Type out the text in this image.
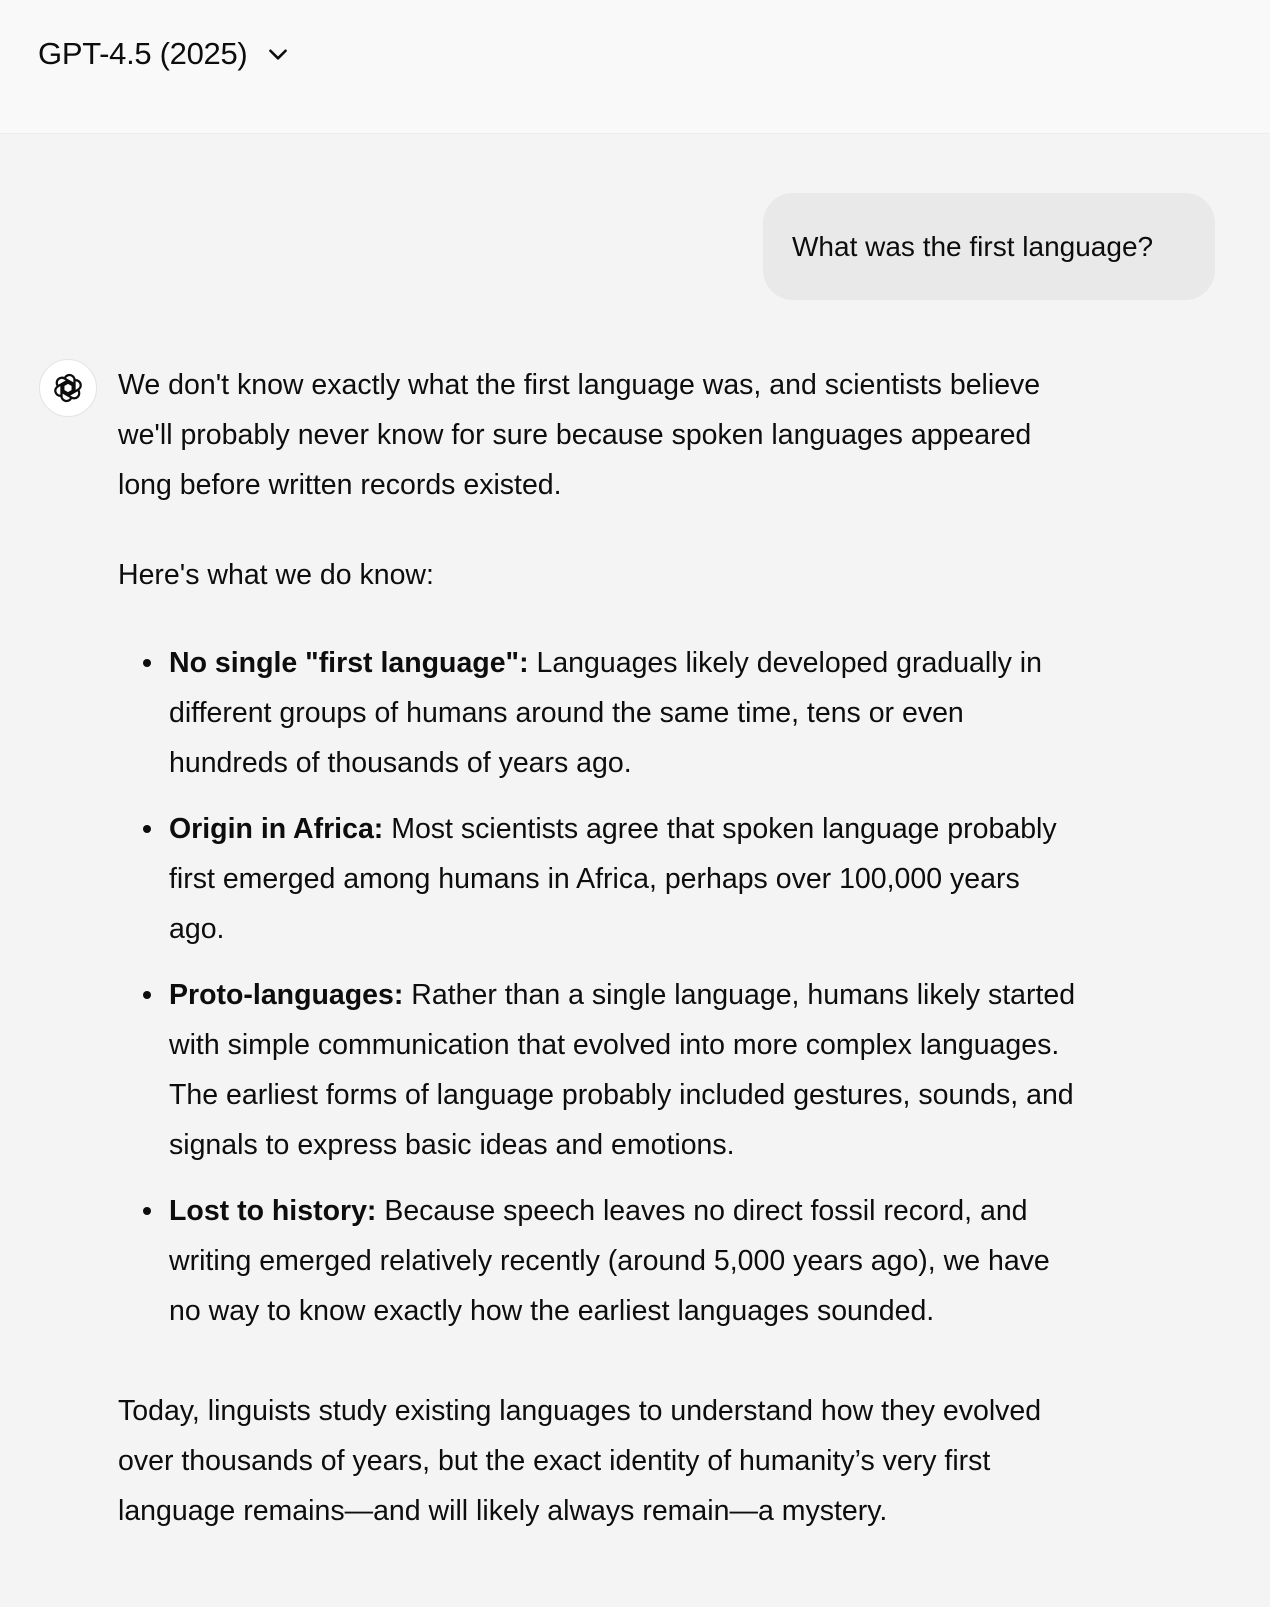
GPT-4.5 (2025)
What was the first language?

We don't know exactly what the first language was, and scientists believe we'll probably never know for sure because spoken languages appeared long before written records existed.

Here's what we do know:

No single "first language": Languages likely developed gradually in different groups of humans around the same time, tens or even hundreds of thousands of years ago.
Origin in Africa: Most scientists agree that spoken language probably first emerged among humans in Africa, perhaps over 100,000 years ago.
Proto-languages: Rather than a single language, humans likely started with simple communication that evolved into more complex languages. The earliest forms of language probably included gestures, sounds, and signals to express basic ideas and emotions.
Lost to history: Because speech leaves no direct fossil record, and writing emerged relatively recently (around 5,000 years ago), we have no way to know exactly how the earliest languages sounded.

Today, linguists study existing languages to understand how they evolved over thousands of years, but the exact identity of humanity’s very first language remains—and will likely always remain—a mystery.
